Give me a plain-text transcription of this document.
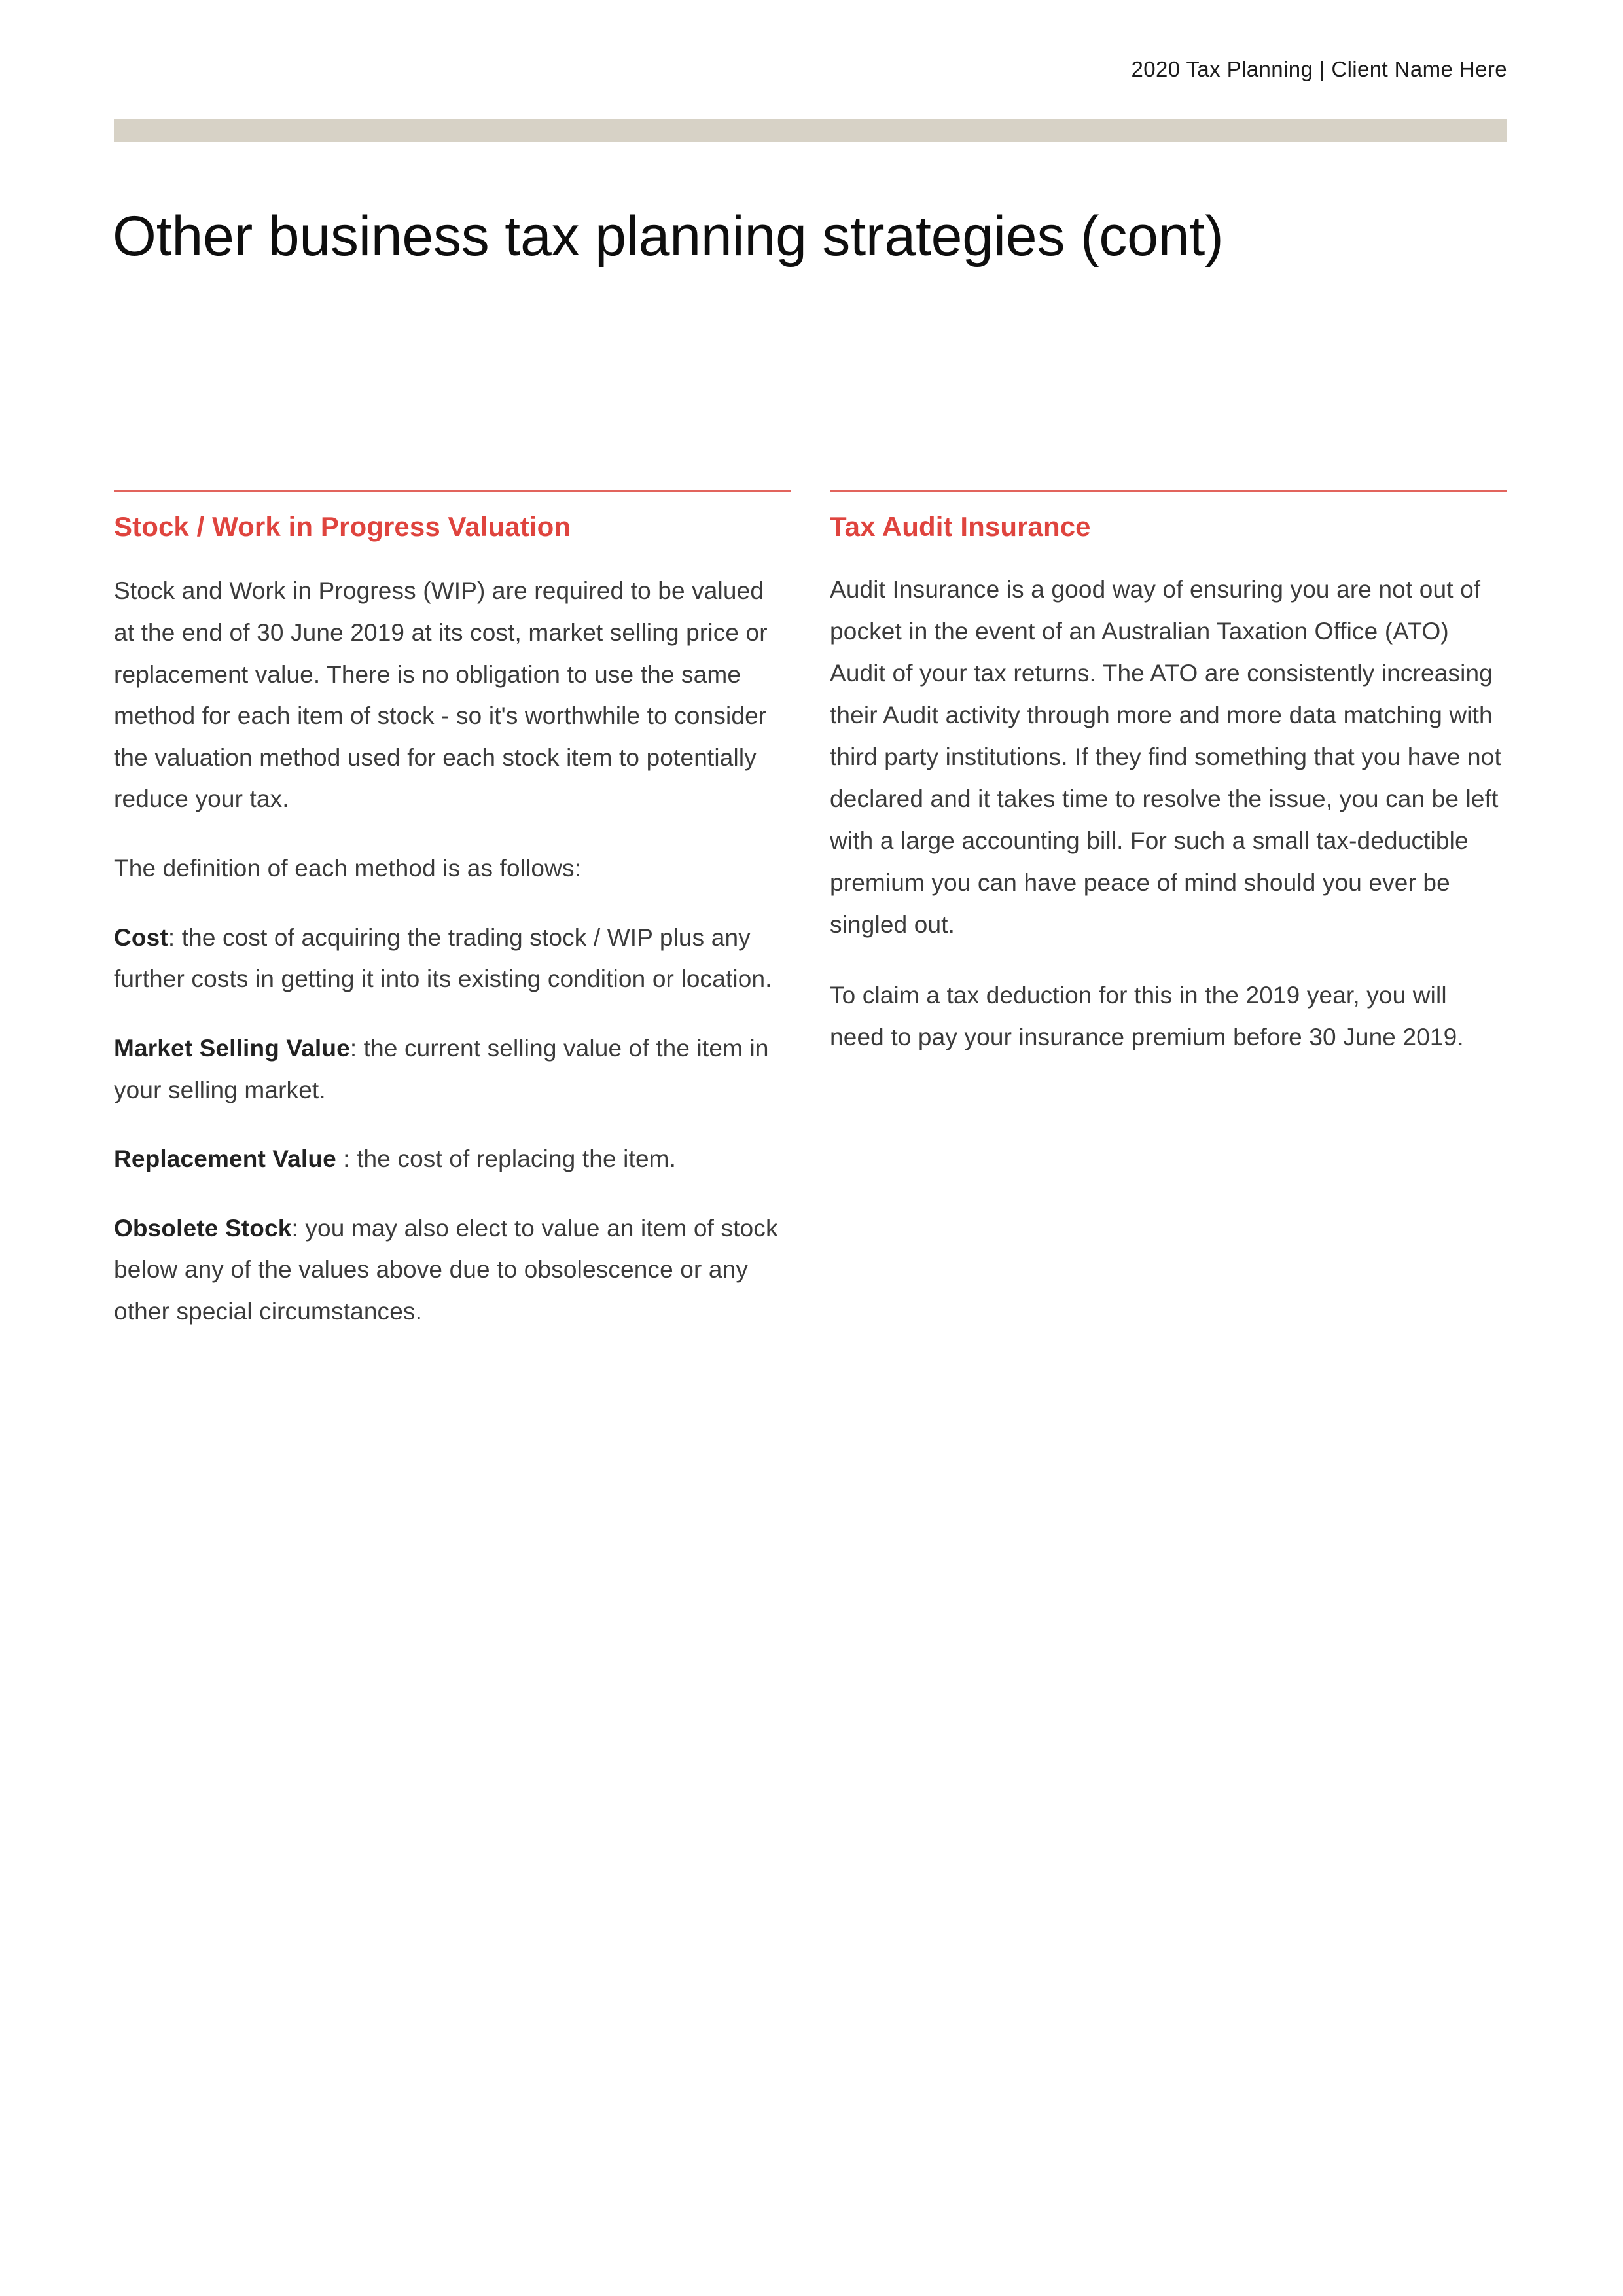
2020 Tax Planning | Client Name Here
Other business tax planning strategies (cont)
Stock / Work in Progress Valuation

Stock and Work in Progress (WIP) are required to be valued at the end of 30 June 2019 at its cost, market selling price or replacement value. There is no obligation to use the same method for each item of stock - so it's worthwhile to consider the valuation method used for each stock item to potentially reduce your tax.

The definition of each method is as follows:

Cost: the cost of acquiring the trading stock / WIP plus any further costs in getting it into its existing condition or location.

Market Selling Value: the current selling value of the item in your selling market.

Replacement Value : the cost of replacing the item.

Obsolete Stock: you may also elect to value an item of stock below any of the values above due to obsolescence or any other special circumstances.

Tax Audit Insurance

Audit Insurance is a good way of ensuring you are not out of pocket in the event of an Australian Taxation Office (ATO) Audit of your tax returns. The ATO are consistently increasing their Audit activity through more and more data matching with third party institutions. If they find something that you have not declared and it takes time to resolve the issue, you can be left with a large accounting bill. For such a small tax-deductible premium you can have peace of mind should you ever be singled out.

To claim a tax deduction for this in the 2019 year, you will need to pay your insurance premium before 30 June 2019.
